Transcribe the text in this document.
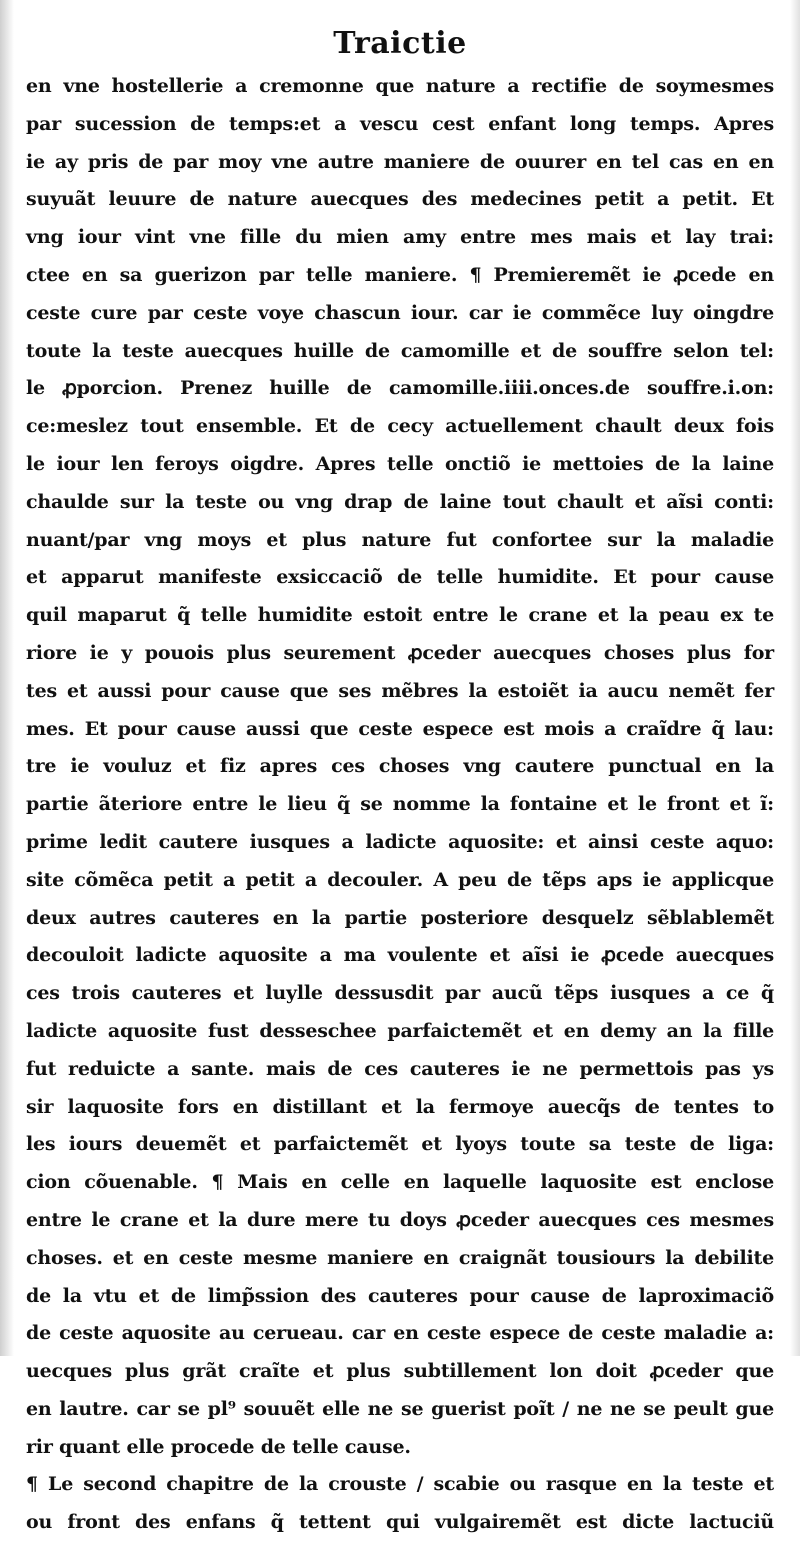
Traictie
en vne hostellerie a cremonne que nature a rectifie de soymesmes
par sucession de temps:et a vescu cest enfant long temps. Apres
ie ay pris de par moy vne autre maniere de ouurer en tel cas en en
suyuãt leuure de nature auecques des medecines petit a petit. Et
vng iour vint vne fille du mien amy entre mes mais et lay trai:
ctee en sa guerizon par telle maniere. ¶ Premieremẽt ie ꝓcede en
ceste cure par ceste voye chascun iour. car ie commẽce luy oingdre
toute la teste auecques huille de camomille et de souffre selon tel:
le ꝓporcion. Prenez huille de camomille.iiii.onces.de souffre.i.on:
ce:meslez tout ensemble. Et de cecy actuellement chault deux fois
le iour len feroys oigdre. Apres telle onctiõ ie mettoies de la laine
chaulde sur la teste ou vng drap de laine tout chault et aĩsi conti:
nuant/par vng moys et plus nature fut confortee sur la maladie
et apparut manifeste exsiccaciõ de telle humidite. Et pour cause
quil maparut q̃ telle humidite estoit entre le crane et la peau ex te
riore ie y pouois plus seurement ꝓceder auecques choses plus for
tes et aussi pour cause que ses mẽbres la estoiẽt ia aucu nemẽt fer
mes. Et pour cause aussi que ceste espece est mois a craĩdre q̃ lau:
tre ie vouluz et fiz apres ces choses vng cautere punctual en la
partie ãteriore entre le lieu q̃ se nomme la fontaine et le front et ĩ:
prime ledit cautere iusques a ladicte aquosite: et ainsi ceste aquo:
site cõmẽca petit a petit a decouler. A peu de tẽps aps ie applicque
deux autres cauteres en la partie posteriore desquelz sẽblablemẽt
decouloit ladicte aquosite a ma voulente et aĩsi ie ꝓcede auecques
ces trois cauteres et luylle dessusdit par aucũ tẽps iusques a ce q̃
ladicte aquosite fust desseschee parfaictemẽt et en demy an la fille
fut reduicte a sante. mais de ces cauteres ie ne permettois pas ys
sir laquosite fors en distillant et la fermoye auecq̃s de tentes to
les iours deuemẽt et parfaictemẽt et lyoys toute sa teste de liga:
cion cõuenable. ¶ Mais en celle en laquelle laquosite est enclose
entre le crane et la dure mere tu doys ꝓceder auecques ces mesmes
choses. et en ceste mesme maniere en craignãt tousiours la debilite
de la vtu et de limp̃ssion des cauteres pour cause de laproximaciõ
de ceste aquosite au cerueau. car en ceste espece de ceste maladie a:
uecques plus grãt craĩte et plus subtillement lon doit ꝓceder que
en lautre. car se pl⁹ souuẽt elle ne se guerist poĩt / ne ne se peult gue
rir quant elle procede de telle cause.
¶ Le second chapitre de la crouste / scabie ou rasque en la teste et
ou front des enfans q̃ tettent qui vulgairemẽt est dicte lactuciũ
